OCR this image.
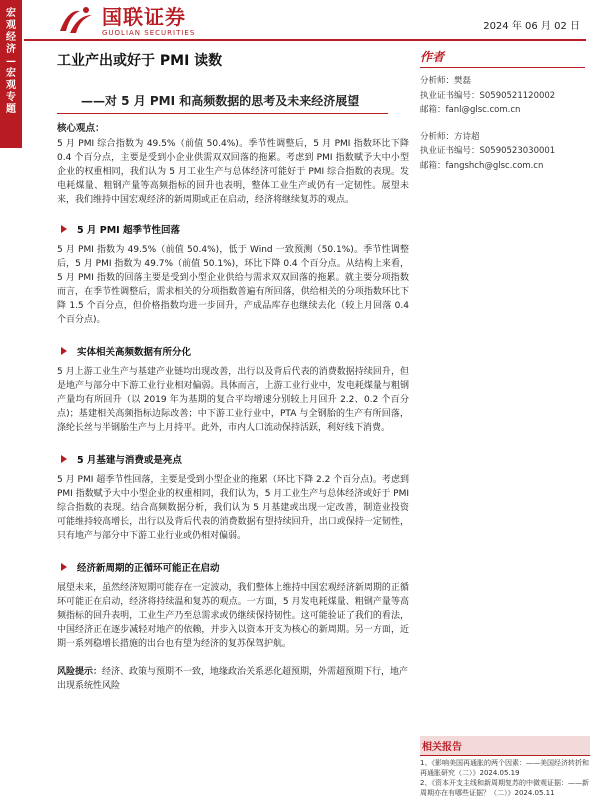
宏
观
经
济
—
宏
观
专
题
国联证券
GUOLIAN SECURITIES
2024 年 06 月 02 日
工业产出或好于 PMI 读数
——对 5 月 PMI 和高频数据的思考及未来经济展望
作者
分析师：樊磊
执业证书编号：S0590521120002
邮箱：fanl@glsc.com.cn
分析师：方诗超
执业证书编号：S0590523030001
邮箱：fangshch@glsc.com.cn
相关报告
1、《影响美国再通胀的两个因素：——美国经济转折和再通胀研究（二）》2024.05.19
2、《资本开支主线和新周期复苏的中微观证据：——新周期亦在有哪些证据？（二）》2024.05.11
核心观点：
5 月 PMI 综合指数为 49.5%（前值 50.4%)。季节性调整后，5 月 PMI 指数环比下降 0.4 个百分点，主要是受到小企业供需双双回落的拖累。考虑到 PMI 指数赋予大中小型企业的权重相同，我们认为 5 月工业生产与总体经济可能好于 PMI 综合指数的表现。发电耗煤量、粗钢产量等高频指标的回升也表明，整体工业生产或仍有一定韧性。展望未来，我们维持中国宏观经济的新周期或正在启动，经济将继续复苏的观点。
5 月 PMI 超季节性回落
5 月 PMI 指数为 49.5%（前值 50.4%)，低于 Wind 一致预测（50.1%)。季节性调整后，5 月 PMI 指数为 49.7%（前值 50.1%)，环比下降 0.4 个百分点。从结构上来看，5 月 PMI 指数的回落主要是受到小型企业供给与需求双双回落的拖累。就主要分项指数而言，在季节性调整后，需求相关的分项指数普遍有所回落，供给相关的分项指数环比下降 1.5 个百分点，但价格指数均进一步回升，产成品库存也继续去化（较上月回落 0.4 个百分点)。
实体相关高频数据有所分化
5 月上游工业生产与基建产业链均出现改善，出行以及背后代表的消费数据持续回升，但是地产与部分中下游工业行业相对偏弱。具体而言，上游工业行业中，发电耗煤量与粗钢产量均有所回升（以 2019 年为基期的复合平均增速分别较上月回升 2.2、0.2 个百分点)；基建相关高频指标边际改善；中下游工业行业中，PTA 与全钢胎的生产有所回落，涤纶长丝与半钢胎生产与上月持平。此外，市内人口流动保持活跃，利好线下消费。
5 月基建与消费或是亮点
5 月 PMI 超季节性回落，主要是受到小型企业的拖累（环比下降 2.2 个百分点)。考虑到 PMI 指数赋予大中小型企业的权重相同，我们认为，5 月工业生产与总体经济或好于 PMI 综合指数的表现。结合高频数据分析，我们认为 5 月基建或出现一定改善，制造业投资可能维持较高增长，出行以及背后代表的消费数据有望持续回升，出口或保持一定韧性，只有地产与部分中下游工业行业或仍相对偏弱。
经济新周期的正循环可能正在启动
展望未来，虽然经济短期可能存在一定波动，我们整体上维持中国宏观经济新周期的正循环可能正在启动，经济将持续温和复苏的观点。一方面，5 月发电耗煤量、粗钢产量等高频指标的回升表明，工业生产乃至总需求或仍继续保持韧性。这可能验证了我们的看法，中国经济正在逐步减轻对地产的依赖，并步入以资本开支为核心的新周期。另一方面，近期一系列稳增长措施的出台也有望为经济的复苏保驾护航。
风险提示：经济、政策与预期不一致，地缘政治关系恶化超预期，外需超预期下行，地产出现系统性风险
